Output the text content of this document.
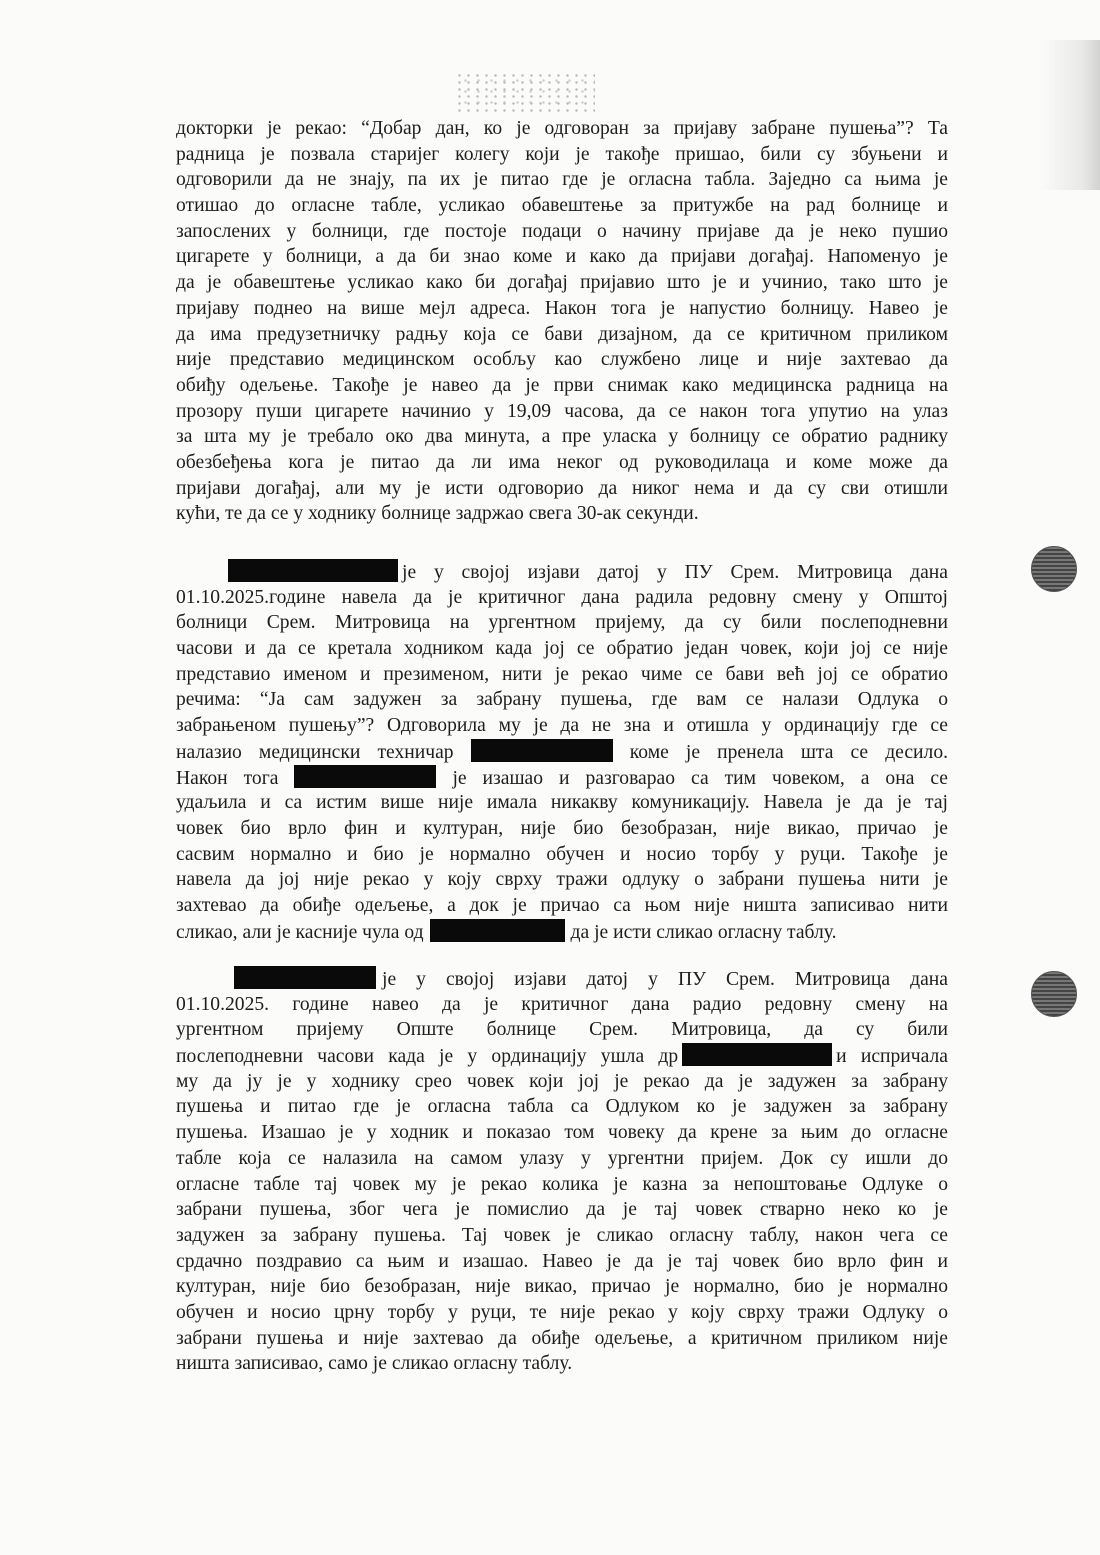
докторки је рекао: “Добар дан, ко је одговоран за пријаву забране пушења”? Та
радница је позвала старијег колегу који је такође пришао, били су збуњени и
одговорили да не знају, па их је питао где је огласна табла. Заједно са њима је
отишао до огласне табле, усликао обавештење за притужбе на рад болнице и
запослених у болници, где постоје подаци о начину пријаве да је неко пушио
цигарете у болници, а да би знао коме и како да пријави догађај. Напоменуо је
да је обавештење усликао како би догађај пријавио што је и учинио, тако што је
пријаву поднео на више мејл адреса. Након тога је напустио болницу. Навео је
да има предузетничку радњу која се бави дизајном, да се критичном приликом
није представио медицинском особљу као службено лице и није захтевао да
обиђу одељење. Такође је навео да је први снимак како медицинска радница на
прозору пуши цигарете начинио у 19,09 часова, да се након тога упутио на улаз
за шта му је требало око два минута, а пре уласка у болницу се обратио раднику
обезбеђења кога је питао да ли има неког од руководилаца и коме може да
пријави догађај, али му је исти одговорио да никог нема и да су сви отишли
кући, те да се у ходнику болнице задржао свега 30-ак секунди.
је у својој изјави датој у ПУ Срем. Митровица дана
01.10.2025.године навела да је критичног дана радила редовну смену у Општој
болници Срем. Митровица на ургентном пријему, да су били послеподневни
часови и да се кретала ходником када јој се обратио један човек, који јој се није
представио именом и презименом, нити је рекао чиме се бави већ јој се обратио
речима: “Ја сам задужен за забрану пушења, где вам се налази Одлука о
забрањеном пушењу”? Одговорила му је да не зна и отишла у ординацију где се
налазио медицински техничар	коме је пренела шта се десило.
Након тога	је изашао и разговарао са тим човеком, а она се
удаљила и са истим више није имала никакву комуникацију. Навела је да је тај
човек био врло фин и културан, није био безобразан, није викао, причао је
сасвим нормално и био је нормално обучен и носио торбу у руци. Такође је
навела да јој није рекао у коју сврху тражи одлуку о забрани пушења нити је
захтевао да обиђе одељење, а док је причао са њом није ништа записивао нити
сликао, али је касније чула од	да је исти сликао огласну таблу.
је у својој изјави датој у ПУ Срем. Митровица дана
01.10.2025. године навео да је критичног дана радио редовну смену на
ургентном пријему Опште болнице Срем. Митровица, да су били
послеподневни часови када је у ординацију ушла др	и испричала
му да ју је у ходнику срео човек који јој је рекао да је задужен за забрану
пушења и питао где је огласна табла са Одлуком ко је задужен за забрану
пушења. Изашао је у ходник и показао том човеку да крене за њим до огласне
табле која се налазила на самом улазу у ургентни пријем. Док су ишли до
огласне табле тај човек му је рекао колика је казна за непоштовање Одлуке о
забрани пушења, због чега је помислио да је тај човек стварно неко ко је
задужен за забрану пушења. Тај човек је сликао огласну таблу, након чега се
срдачно поздравио са њим и изашао. Навео је да је тај човек био врло фин и
културан, није био безобразан, није викао, причао је нормално, био је нормално
обучен и носио црну торбу у руци, те није рекао у коју сврху тражи Одлуку о
забрани пушења и није захтевао да обиђе одељење, а критичном приликом није
ништа записивао, само је сликао огласну таблу.
